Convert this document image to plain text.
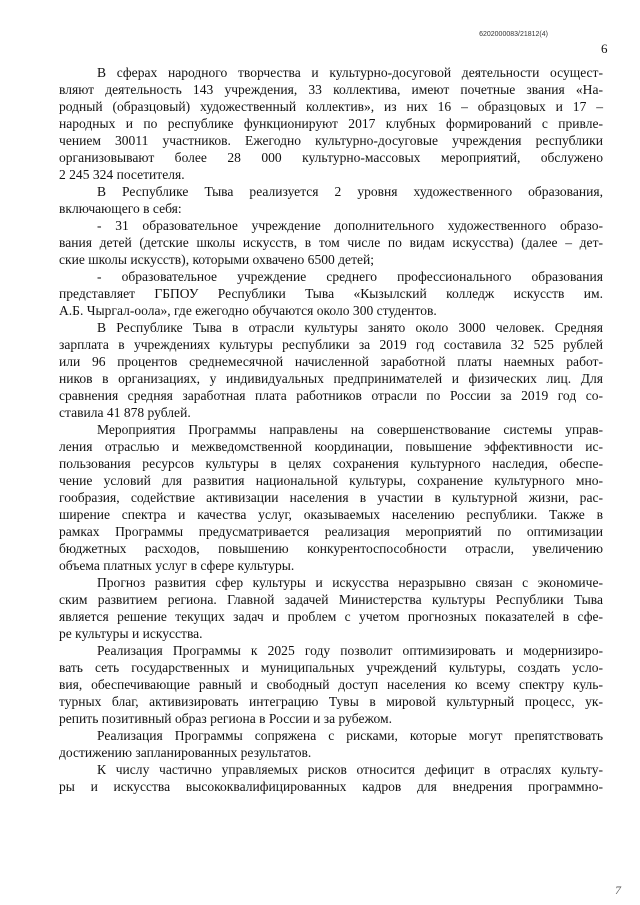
6202000083/21812(4)
6
В сферах народного творчества и культурно-досуговой деятельности осущест-
вляют деятельность 143 учреждения, 33 коллектива, имеют почетные звания «На-
родный (образцовый) художественный коллектив», из них 16 – образцовых и 17 –
народных и по республике функционируют 2017 клубных формирований с привле-
чением 30011 участников. Ежегодно культурно-досуговые учреждения республики
организовывают более 28 000 культурно-массовых мероприятий, обслужено
2 245 324 посетителя.
В Республике Тыва реализуется 2 уровня художественного образования,
включающего в себя:
- 31 образовательное учреждение дополнительного художественного образо-
вания детей (детские школы искусств, в том числе по видам искусства) (далее – дет-
ские школы искусств), которыми охвачено 6500 детей;
- образовательное учреждение среднего профессионального образования
представляет ГБПОУ Республики Тыва «Кызылский колледж искусств им.
А.Б. Чыргал-оола», где ежегодно обучаются около 300 студентов.
В Республике Тыва в отрасли культуры занято около 3000 человек. Средняя
зарплата в учреждениях культуры республики за 2019 год составила 32 525 рублей
или 96 процентов среднемесячной начисленной заработной платы наемных работ-
ников в организациях, у индивидуальных предпринимателей и физических лиц. Для
сравнения средняя заработная плата работников отрасли по России за 2019 год со-
ставила 41 878 рублей.
Мероприятия Программы направлены на совершенствование системы управ-
ления отраслью и межведомственной координации, повышение эффективности ис-
пользования ресурсов культуры в целях сохранения культурного наследия, обеспе-
чение условий для развития национальной культуры, сохранение культурного мно-
гообразия, содействие активизации населения в участии в культурной жизни, рас-
ширение спектра и качества услуг, оказываемых населению республики. Также в
рамках Программы предусматривается реализация мероприятий по оптимизации
бюджетных расходов, повышению конкурентоспособности отрасли, увеличению
объема платных услуг в сфере культуры.
Прогноз развития сфер культуры и искусства неразрывно связан с экономиче-
ским развитием региона. Главной задачей Министерства культуры Республики Тыва
является решение текущих задач и проблем с учетом прогнозных показателей в сфе-
ре культуры и искусства.
Реализация Программы к 2025 году позволит оптимизировать и модернизиро-
вать сеть государственных и муниципальных учреждений культуры, создать усло-
вия, обеспечивающие равный и свободный доступ населения ко всему спектру куль-
турных благ, активизировать интеграцию Тувы в мировой культурный процесс, ук-
репить позитивный образ региона в России и за рубежом.
Реализация Программы сопряжена с рисками, которые могут препятствовать
достижению запланированных результатов.
К числу частично управляемых рисков относится дефицит в отраслях культу-
ры и искусства высококвалифицированных кадров для внедрения программно-
7
